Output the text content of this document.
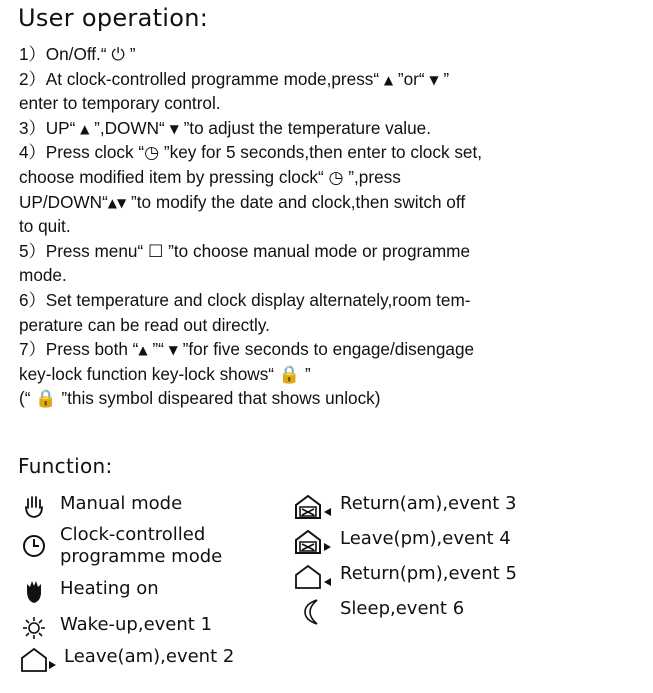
User operation:
1）On/Off.“ ⏻ ”
2）At clock-controlled programme mode,press“ ▲ ”or“ ▼ ”
enter to temporary control.
3）UP“ ▲ ”,DOWN“ ▼ ”to adjust the temperature value.
4）Press clock “◷ ”key for 5 seconds,then enter to clock set,
choose modified item by pressing clock“ ◷ ”,press
UP/DOWN“▲▼ ”to modify the date and clock,then switch off
to quit.
5）Press menu“ ☐ ”to choose manual mode or programme
mode.
6）Set temperature and clock display alternately,room tem-
perature can be read out directly.
7）Press both “▲ ”“ ▼ ”for five seconds to engage/disengage
key-lock function key-lock shows“ 🔒 ”
(“ 🔒 ”this symbol dispeared that shows unlock)
Function:
Manual mode
Clock-controlled programme mode
Heating on
Wake-up,event 1
Leave(am),event 2
Return(am),event 3
Leave(pm),event 4
Return(pm),event 5
Sleep,event 6
